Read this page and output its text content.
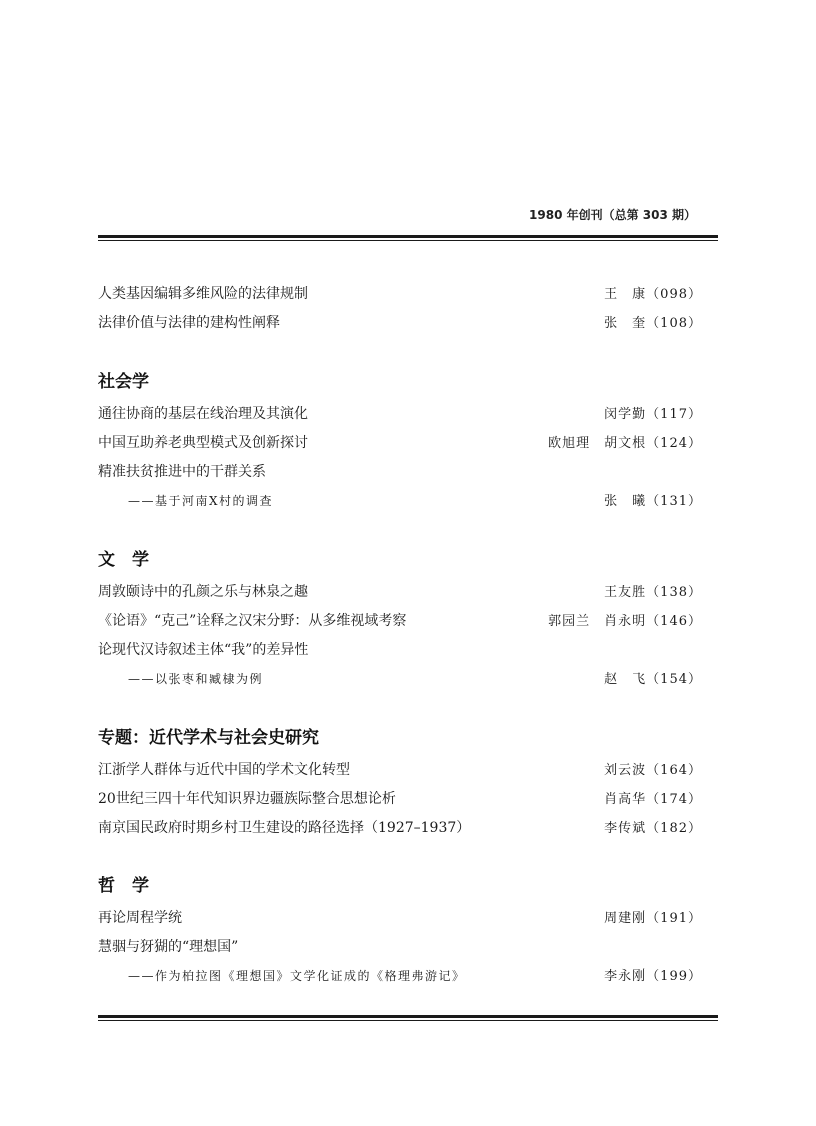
1980 年创刊（总第 303 期）
人类基因编辑多维风险的法律规制	王　康（098）
法律价值与法律的建构性阐释	张　奎（108）
社会学
通往协商的基层在线治理及其演化	闵学勤（117）
中国互助养老典型模式及创新探讨	欧旭理　胡文根（124）
精准扶贫推进中的干群关系
——基于河南X村的调查	张　曦（131）
文　学
周敦颐诗中的孔颜之乐与林泉之趣	王友胜（138）
《论语》“克己”诠释之汉宋分野：从多维视域考察	郭园兰　肖永明（146）
论现代汉诗叙述主体“我”的差异性
——以张枣和臧棣为例	赵　飞（154）
专题：近代学术与社会史研究
江浙学人群体与近代中国的学术文化转型	刘云波（164）
20世纪三四十年代知识界边疆族际整合思想论析	肖高华（174）
南京国民政府时期乡村卫生建设的路径选择（1927–1937）	李传斌（182）
哲　学
再论周程学统	周建刚（191）
慧骃与犽猢的“理想国”
——作为柏拉图《理想国》文学化证成的《格理弗游记》	李永刚（199）
